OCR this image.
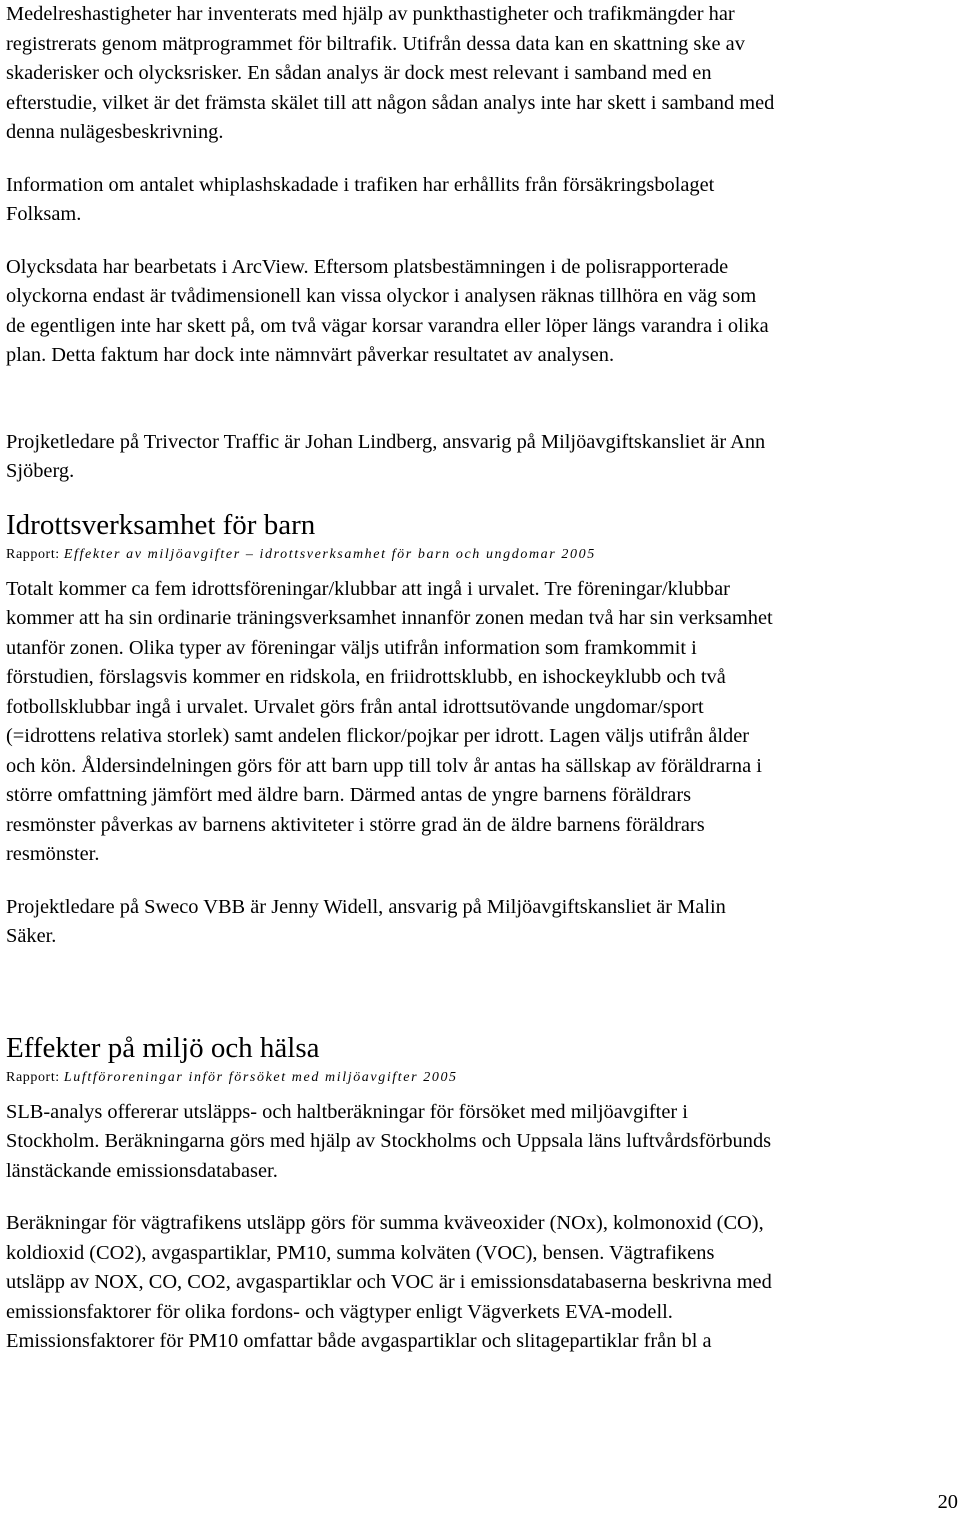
Medelreshastigheter har inventerats med hjälp av punkthastigheter och trafikmängder har
registrerats genom mätprogrammet för biltrafik. Utifrån dessa data kan en skattning ske av
skaderisker och olycksrisker. En sådan analys är dock mest relevant i samband med en
efterstudie, vilket är det främsta skälet till att någon sådan analys inte har skett i samband med
denna nulägesbeskrivning.

Information om antalet whiplashskadade i trafiken har erhållits från försäkringsbolaget
Folksam.

Olycksdata har bearbetats i ArcView. Eftersom platsbestämningen i de polisrapporterade
olyckorna endast är tvådimensionell kan vissa olyckor i analysen räknas tillhöra en väg som
de egentligen inte har skett på, om två vägar korsar varandra eller löper längs varandra i olika
plan. Detta faktum har dock inte nämnvärt påverkar resultatet av analysen.

Projketledare på Trivector Traffic är Johan Lindberg, ansvarig på Miljöavgiftskansliet är Ann
Sjöberg.

Idrottsverksamhet för barn

Rapport: Effekter av miljöavgifter – idrottsverksamhet för barn och ungdomar 2005

Totalt kommer ca fem idrottsföreningar/klubbar att ingå i urvalet. Tre föreningar/klubbar
kommer att ha sin ordinarie träningsverksamhet innanför zonen medan två har sin verksamhet
utanför zonen. Olika typer av föreningar väljs utifrån information som framkommit i
förstudien, förslagsvis kommer en ridskola, en friidrottsklubb, en ishockeyklubb och två
fotbollsklubbar ingå i urvalet. Urvalet görs från antal idrottsutövande ungdomar/sport
(=idrottens relativa storlek) samt andelen flickor/pojkar per idrott. Lagen väljs utifrån ålder
och kön. Åldersindelningen görs för att barn upp till tolv år antas ha sällskap av föräldrarna i
större omfattning jämfört med äldre barn. Därmed antas de yngre barnens föräldrars
resmönster påverkas av barnens aktiviteter i större grad än de äldre barnens föräldrars
resmönster.

Projektledare på Sweco VBB är Jenny Widell, ansvarig på Miljöavgiftskansliet är Malin
Säker.

Effekter på miljö och hälsa

Rapport: Luftföroreningar inför försöket med miljöavgifter 2005

SLB-analys offererar utsläpps- och haltberäkningar för försöket med miljöavgifter i
Stockholm. Beräkningarna görs med hjälp av Stockholms och Uppsala läns luftvårdsförbunds
länstäckande emissionsdatabaser.

Beräkningar för vägtrafikens utsläpp görs för summa kväveoxider (NOx), kolmonoxid (CO),
koldioxid (CO2), avgaspartiklar, PM10, summa kolväten (VOC), bensen. Vägtrafikens
utsläpp av NOX, CO, CO2, avgaspartiklar och VOC är i emissionsdatabaserna beskrivna med
emissionsfaktorer för olika fordons- och vägtyper enligt Vägverkets EVA-modell.
Emissionsfaktorer för PM10 omfattar både avgaspartiklar och slitagepartiklar från bl a

20
